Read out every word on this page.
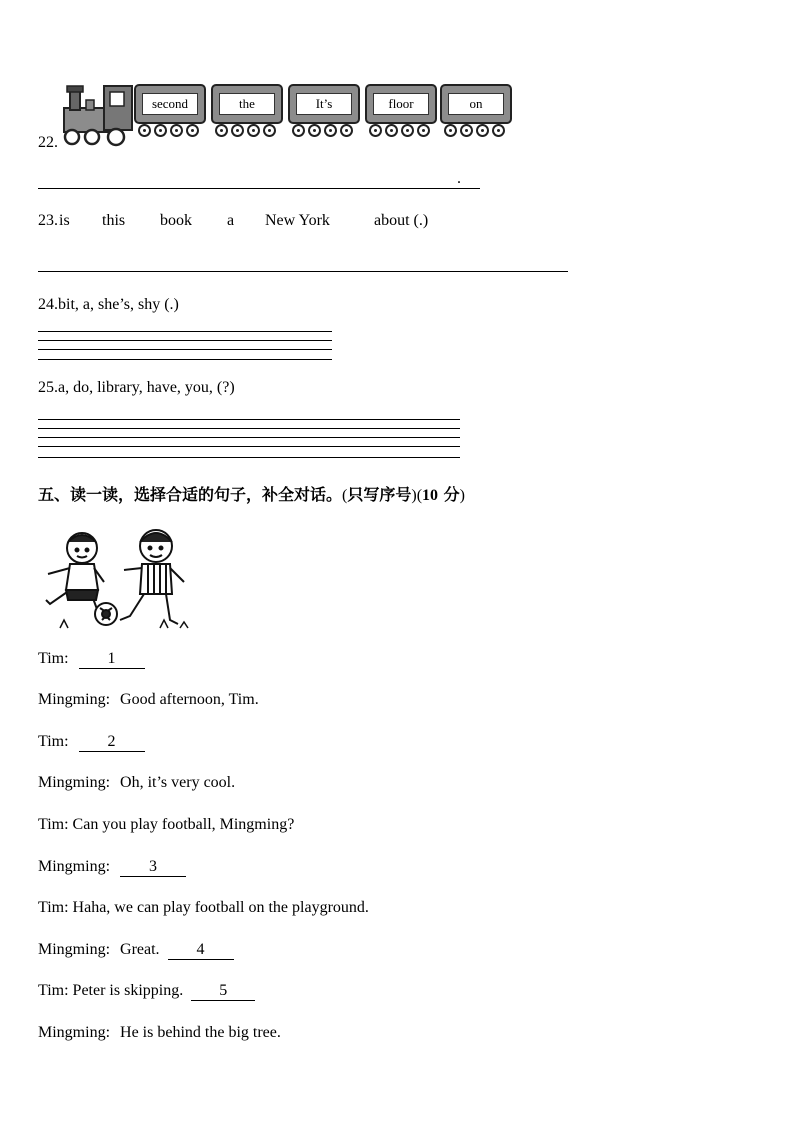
second	the	It’s	floor	on
22.
.
23. is this book a New York	about (.)
24.bit, a, she’s, shy (.)
25.a, do, library, have, you, (?)
五、读一读，选择合适的句子，补全对话。(只写序号)(10 分)
Tim: 1
Mingming: Good afternoon, Tim.
Tim: 2
Mingming: Oh, it’s very cool.
Tim: Can you play football, Mingming?
Mingming: 3
Tim: Haha, we can play football on the playground.
Mingming: Great. 4
Tim: Peter is skipping. 5
Mingming: He is behind the big tree.
